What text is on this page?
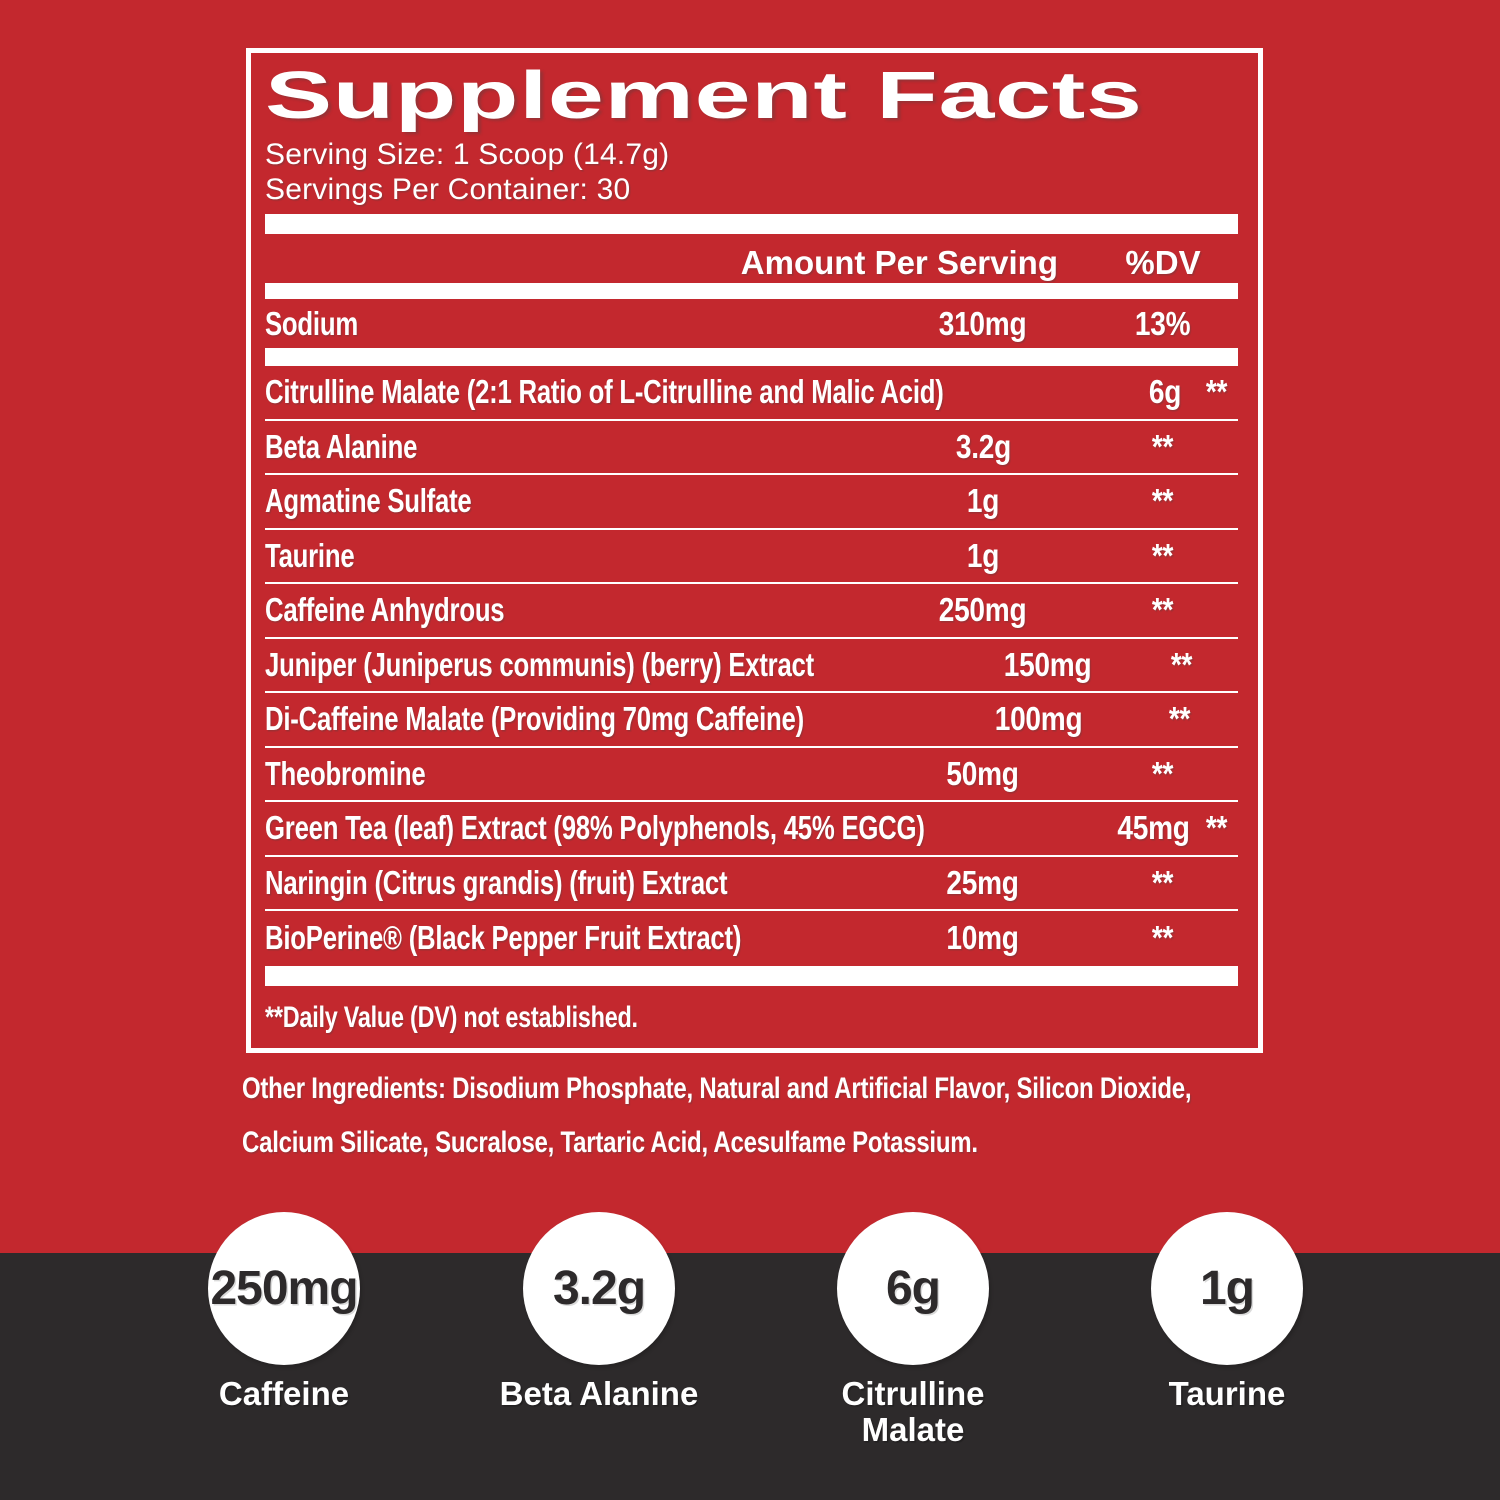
Supplement Facts
Serving Size: 1 Scoop (14.7g)
Servings Per Container: 30
Amount Per Serving	%DV
Sodium	310mg	13%
Citrulline Malate (2:1 Ratio of L-Citrulline and Malic Acid)	6g **
Beta Alanine	3.2g	**
Agmatine Sulfate	1g	**
Taurine	1g	**
Caffeine Anhydrous	250mg	**
Juniper (Juniperus communis) (berry) Extract	150mg	**
Di-Caffeine Malate (Providing 70mg Caffeine)	100mg	**
Theobromine	50mg	**
Green Tea (leaf) Extract (98% Polyphenols, 45% EGCG)	45mg **
Naringin (Citrus grandis) (fruit) Extract	25mg	**
BioPerine® (Black Pepper Fruit Extract)	10mg	**
**Daily Value (DV) not established.
Other Ingredients: Disodium Phosphate, Natural and Artificial Flavor, Silicon Dioxide,
Calcium Silicate, Sucralose, Tartaric Acid, Acesulfame Potassium.
250mg
Caffeine
3.2g
Beta Alanine
6g
Citrulline Malate
1g
Taurine
